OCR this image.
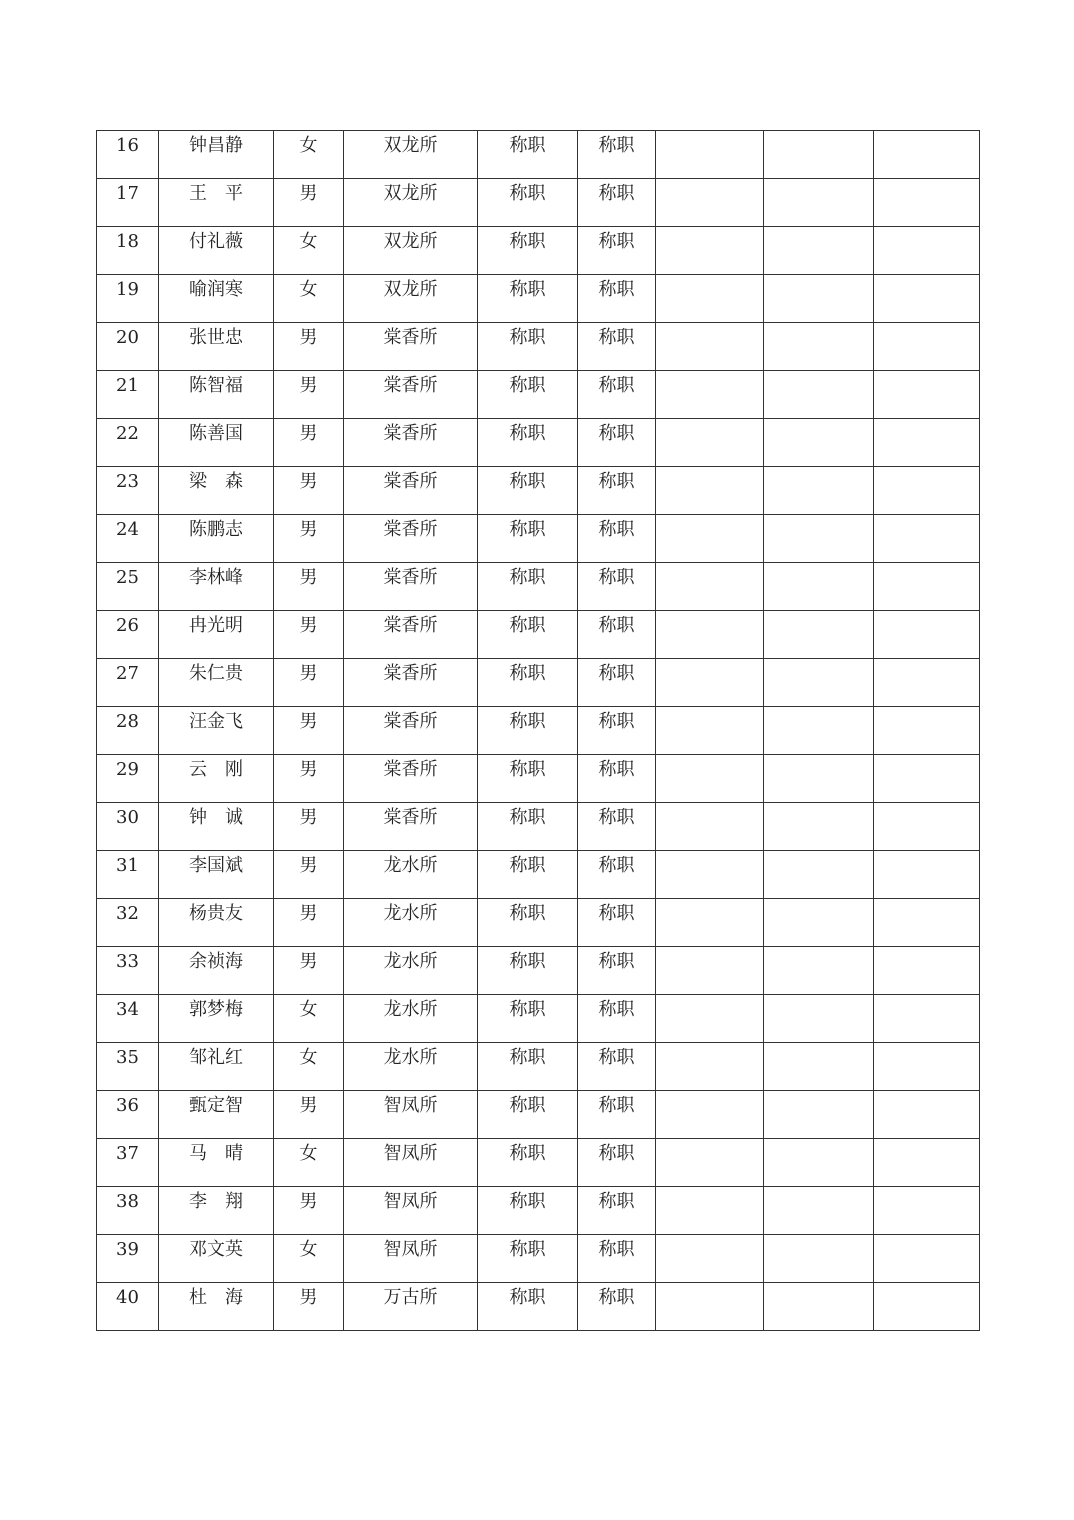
16	钟昌静	女	双龙所	称职	称职			

17	王　平	男	双龙所	称职	称职			

18	付礼薇	女	双龙所	称职	称职			

19	喻润寒	女	双龙所	称职	称职			

20	张世忠	男	棠香所	称职	称职			

21	陈智福	男	棠香所	称职	称职			

22	陈善国	男	棠香所	称职	称职			

23	梁　森	男	棠香所	称职	称职			

24	陈鹏志	男	棠香所	称职	称职			

25	李林峰	男	棠香所	称职	称职			

26	冉光明	男	棠香所	称职	称职			

27	朱仁贵	男	棠香所	称职	称职			

28	汪金飞	男	棠香所	称职	称职			

29	云　刚	男	棠香所	称职	称职			

30	钟　诚	男	棠香所	称职	称职			

31	李国斌	男	龙水所	称职	称职			

32	杨贵友	男	龙水所	称职	称职			

33	余祯海	男	龙水所	称职	称职			

34	郭梦梅	女	龙水所	称职	称职			

35	邹礼红	女	龙水所	称职	称职			

36	甄定智	男	智凤所	称职	称职			

37	马　晴	女	智凤所	称职	称职			

38	李　翔	男	智凤所	称职	称职			

39	邓文英	女	智凤所	称职	称职			

40	杜　海	男	万古所	称职	称职			
